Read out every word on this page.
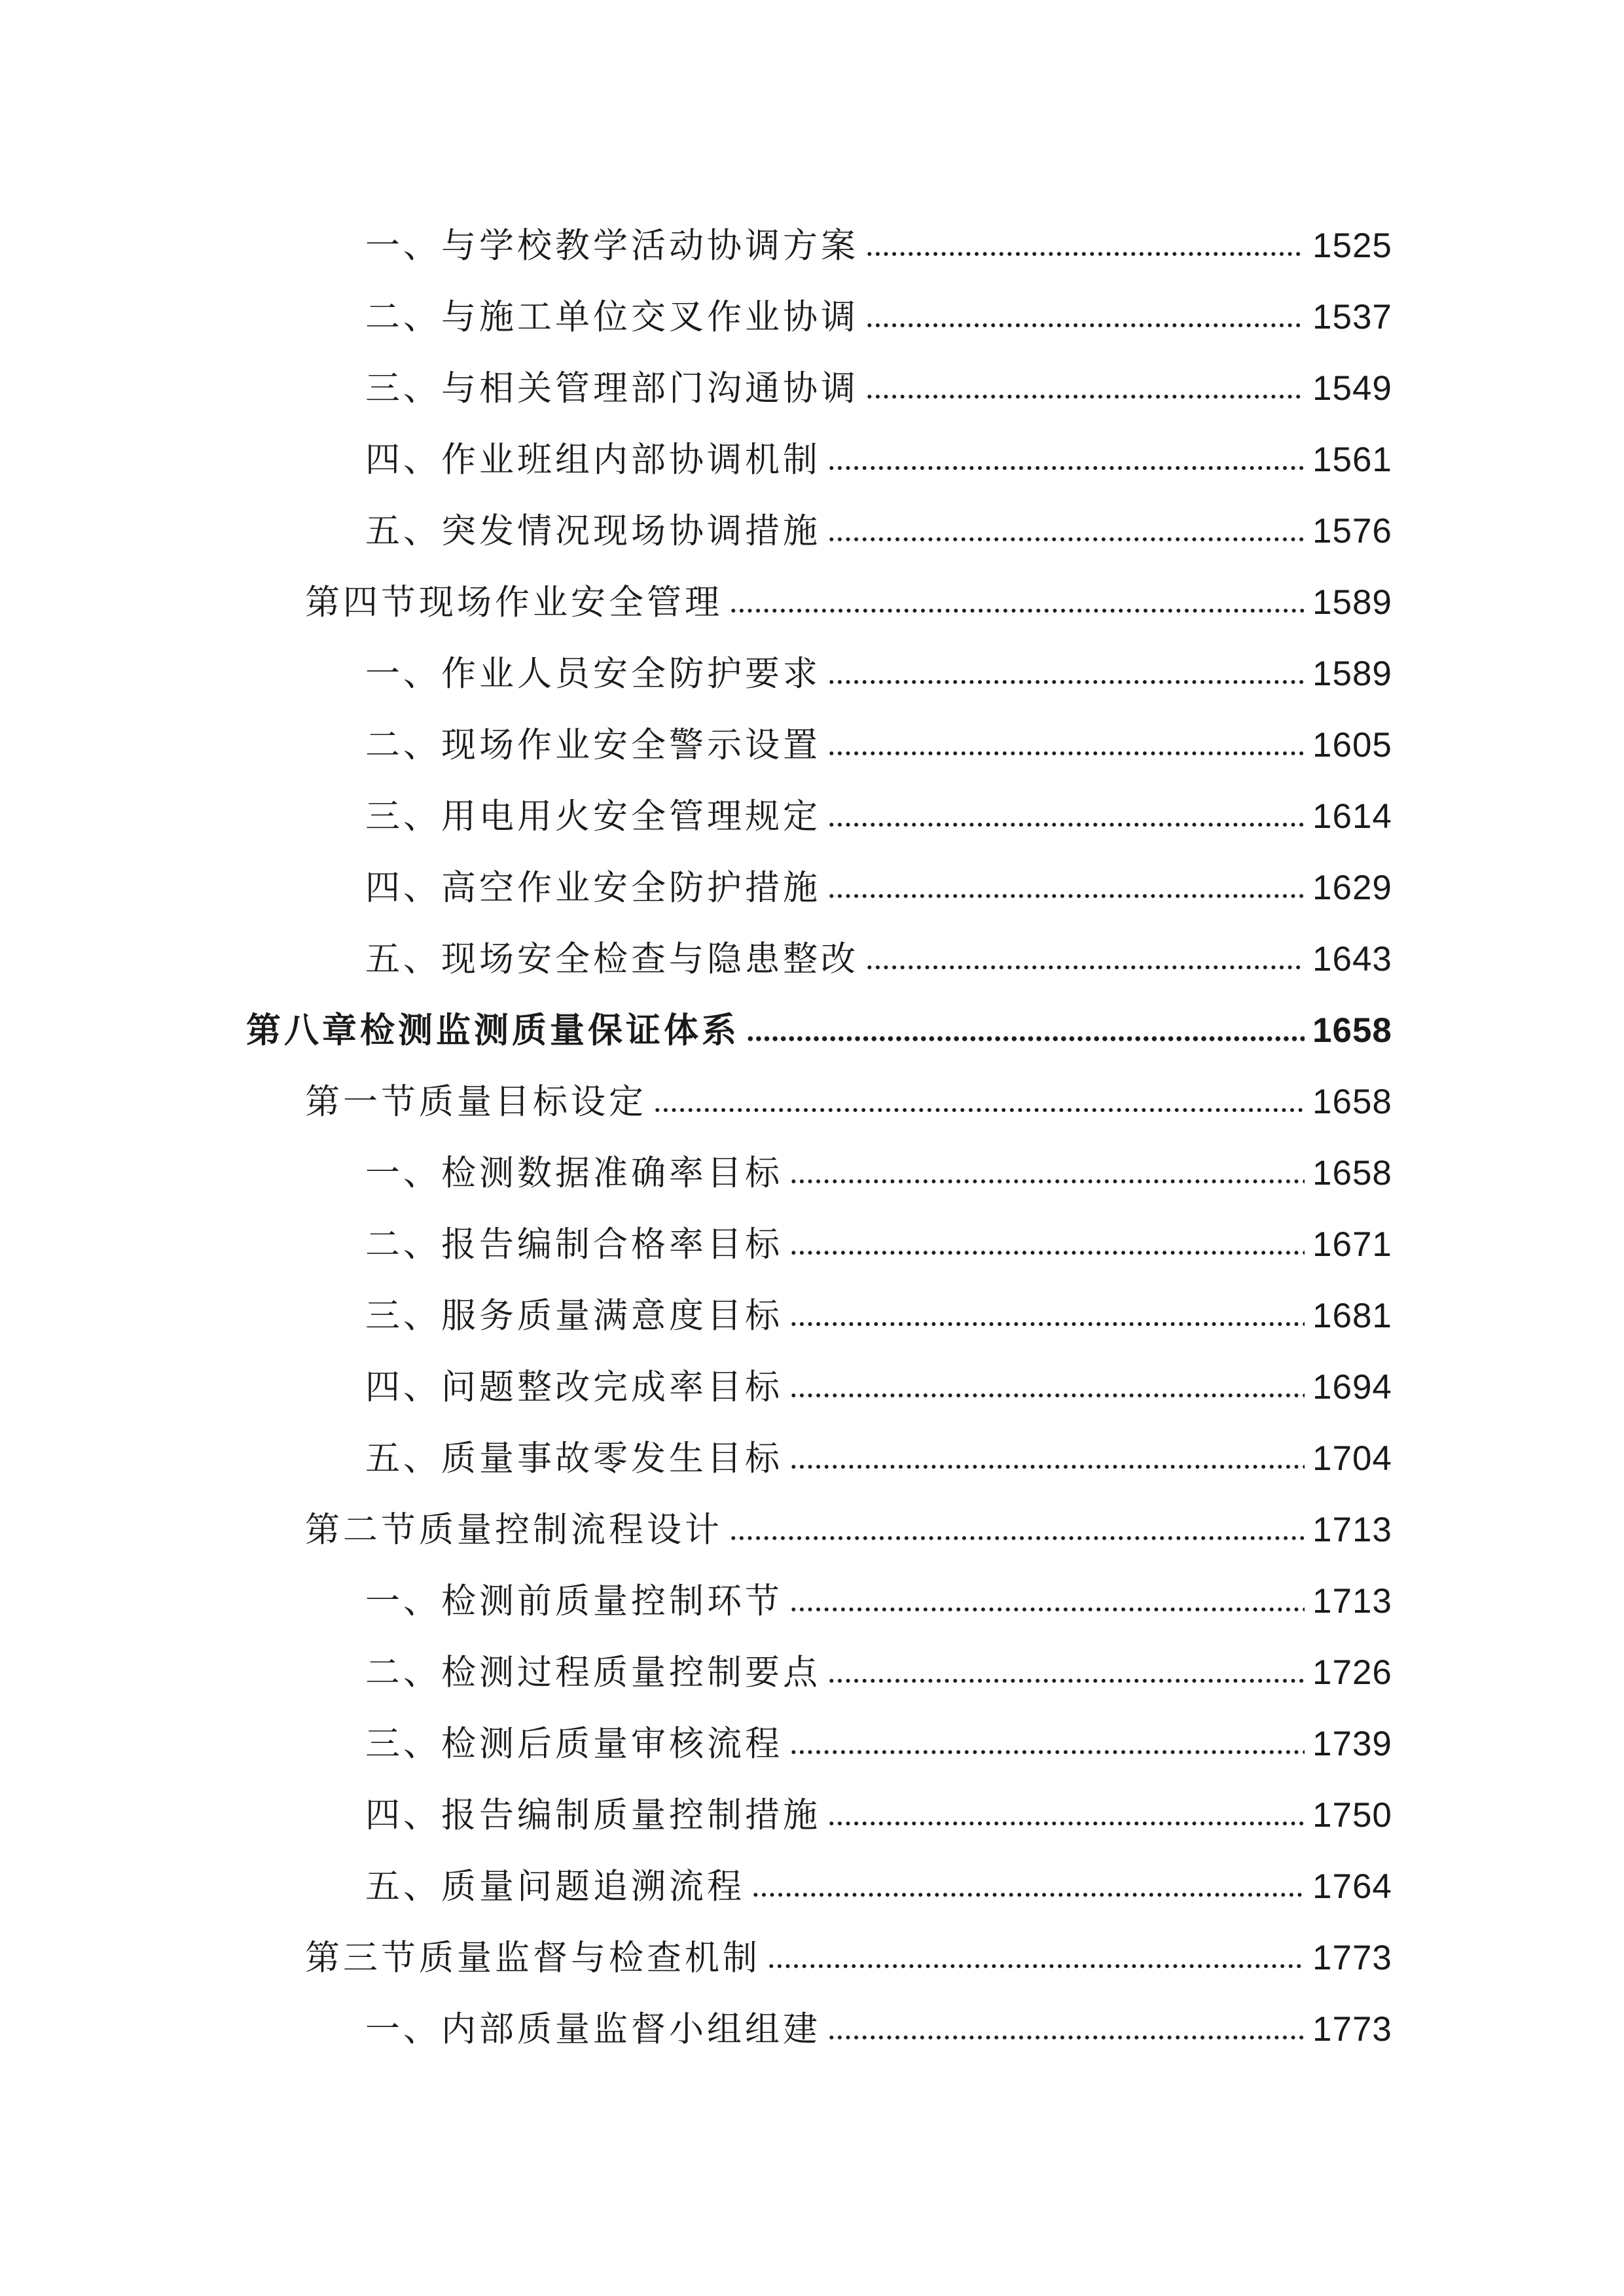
一、与学校教学活动协调方案	1525
二、与施工单位交叉作业协调	1537
三、与相关管理部门沟通协调	1549
四、作业班组内部协调机制	1561
五、突发情况现场协调措施	1576
第四节现场作业安全管理	1589
一、作业人员安全防护要求	1589
二、现场作业安全警示设置	1605
三、用电用火安全管理规定	1614
四、高空作业安全防护措施	1629
五、现场安全检查与隐患整改	1643
第八章检测监测质量保证体系	1658
第一节质量目标设定	1658
一、检测数据准确率目标	1658
二、报告编制合格率目标	1671
三、服务质量满意度目标	1681
四、问题整改完成率目标	1694
五、质量事故零发生目标	1704
第二节质量控制流程设计	1713
一、检测前质量控制环节	1713
二、检测过程质量控制要点	1726
三、检测后质量审核流程	1739
四、报告编制质量控制措施	1750
五、质量问题追溯流程	1764
第三节质量监督与检查机制	1773
一、内部质量监督小组组建	1773
